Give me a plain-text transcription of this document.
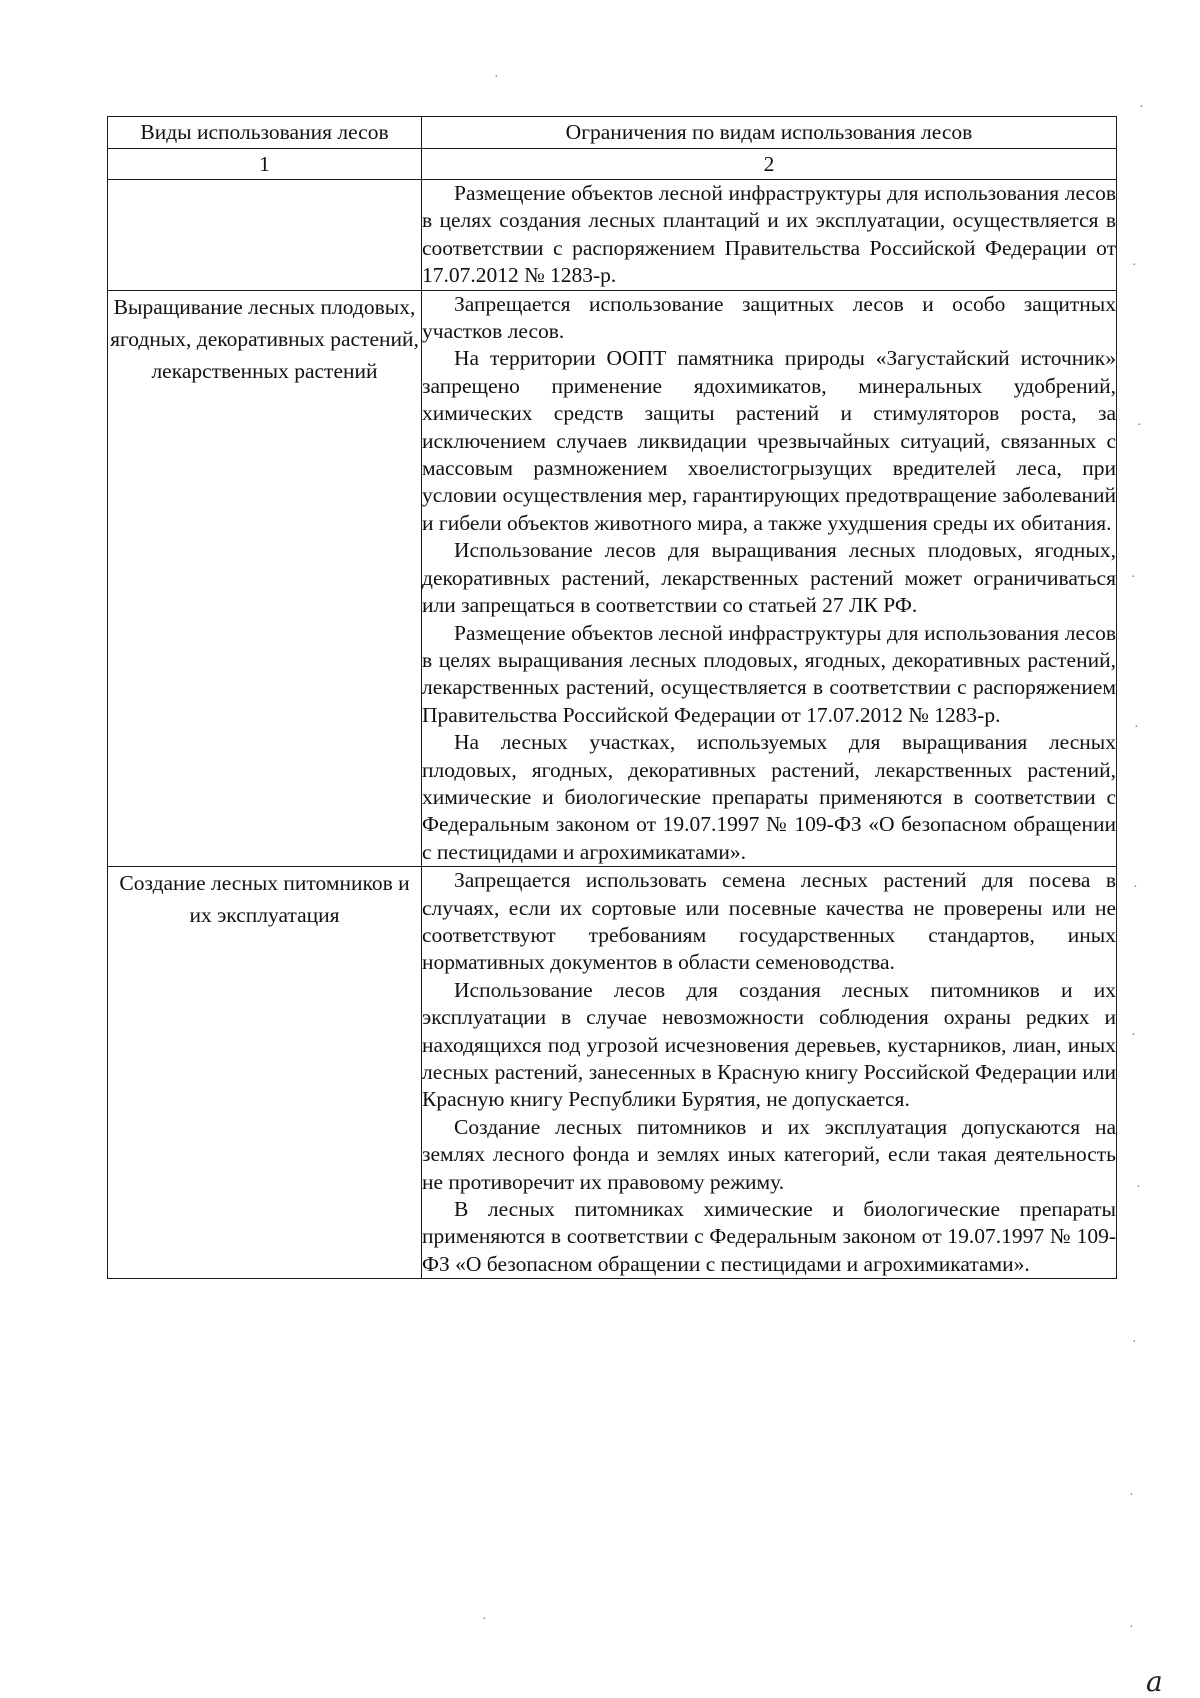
Виды использования лесов	Ограничения по видам использования лесов
1	2

	Размещение объектов лесной инфраструктуры для использования лесов в целях создания лесных плантаций и их эксплуатации, осуществляется в соответствии с распоряжением Правительства Российской Федерации от 17.07.2012 № 1283-р.

Выращивание лесных плодовых, ягодных, декоративных растений, лекарственных растений	Запрещается использование защитных лесов и особо защитных участков лесов.

На территории ООПТ памятника природы «Загустайский источник» запрещено применение ядохимикатов, минеральных удобрений, химических средств защиты растений и стимуляторов роста, за исключением случаев ликвидации чрезвычайных ситуаций, связанных с массовым размножением хвоелистогрызущих вредителей леса, при условии осуществления мер, гарантирующих предотвращение заболеваний и гибели объектов животного мира, а также ухудшения среды их обитания.

Использование лесов для выращивания лесных плодовых, ягодных, декоративных растений, лекарственных растений может ограничиваться или запрещаться в соответствии со статьей 27 ЛК РФ.

Размещение объектов лесной инфраструктуры для использования лесов в целях выращивания лесных плодовых, ягодных, декоративных растений, лекарственных растений, осуществляется в соответствии с распоряжением Правительства Российской Федерации от 17.07.2012 № 1283-р.

На лесных участках, используемых для выращивания лесных плодовых, ягодных, декоративных растений, лекарственных растений, химические и биологические препараты применяются в соответствии с Федеральным законом от 19.07.1997 № 109-ФЗ «О безопасном обращении с пестицидами и агрохимикатами».

Создание лесных питомников и их эксплуатация	Запрещается использовать семена лесных растений для посева в случаях, если их сортовые или посевные качества не проверены или не соответствуют требованиям государственных стандартов, иных нормативных документов в области семеноводства.

Использование лесов для создания лесных питомников и их эксплуатации в случае невозможности соблюдения охраны редких и находящихся под угрозой исчезновения деревьев, кустарников, лиан, иных лесных растений, занесенных в Красную книгу Российской Федерации или Красную книгу Республики Бурятия, не допускается.

Создание лесных питомников и их эксплуатация допускаются на землях лесного фонда и землях иных категорий, если такая деятельность не противоречит их правовому режиму.

В лесных питомниках химические и биологические препараты применяются в соответствии с Федеральным законом от 19.07.1997 № 109-ФЗ «О безопасном обращении с пестицидами и агрохимикатами».

·
·
·
·
·
·
·
·
·
·
·
·
·
a
